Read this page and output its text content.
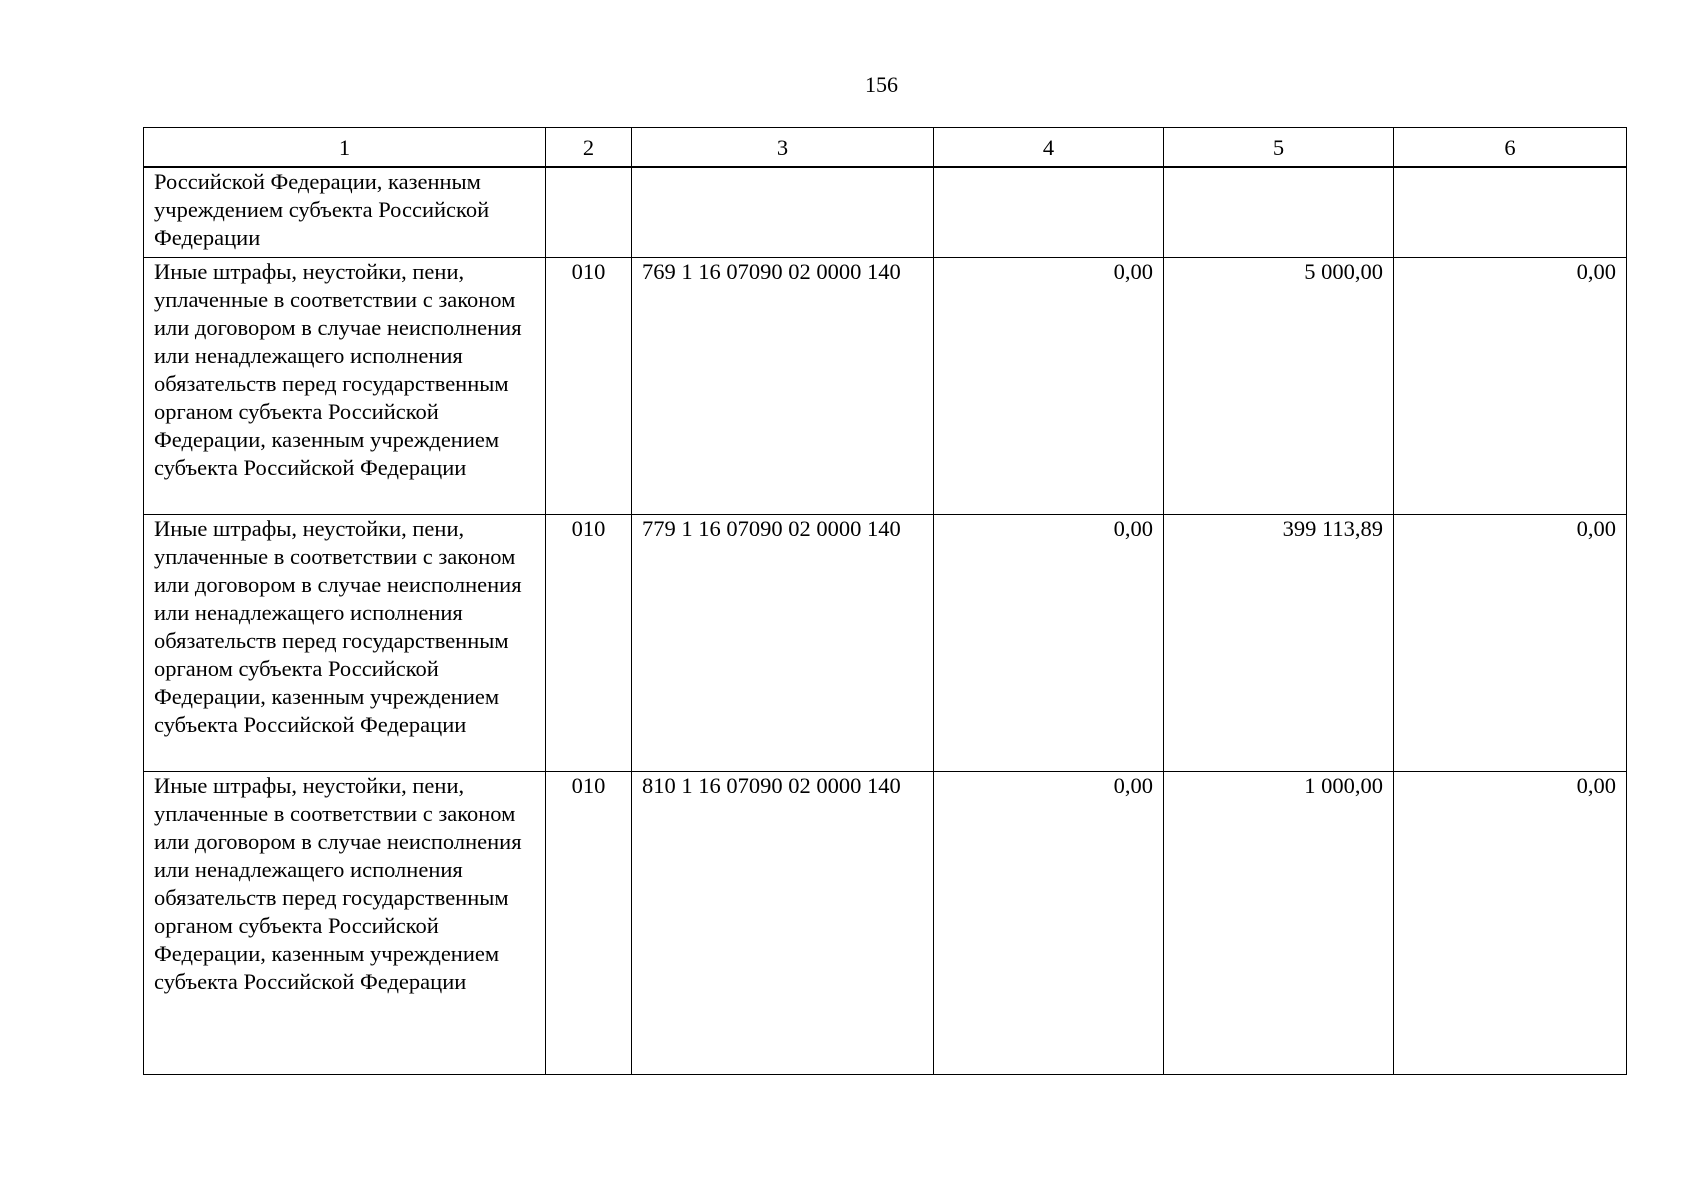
156
1	2	3	4	5	6
Российской Федерации, казенным учреждением субъекта Российской Федерации					
Иные штрафы, неустойки, пени, уплаченные в соответствии с законом или договором в случае неисполнения или ненадлежащего исполнения обязательств перед государственным органом субъекта Российской Федерации, казенным учреждением субъекта Российской Федерации	010	769 1 16 07090 02 0000 140	0,00	5 000,00	0,00
Иные штрафы, неустойки, пени, уплаченные в соответствии с законом или договором в случае неисполнения или ненадлежащего исполнения обязательств перед государственным органом субъекта Российской Федерации, казенным учреждением субъекта Российской Федерации	010	779 1 16 07090 02 0000 140	0,00	399 113,89	0,00
Иные штрафы, неустойки, пени, уплаченные в соответствии с законом или договором в случае неисполнения или ненадлежащего исполнения обязательств перед государственным органом субъекта Российской Федерации, казенным учреждением субъекта Российской Федерации	010	810 1 16 07090 02 0000 140	0,00	1 000,00	0,00
